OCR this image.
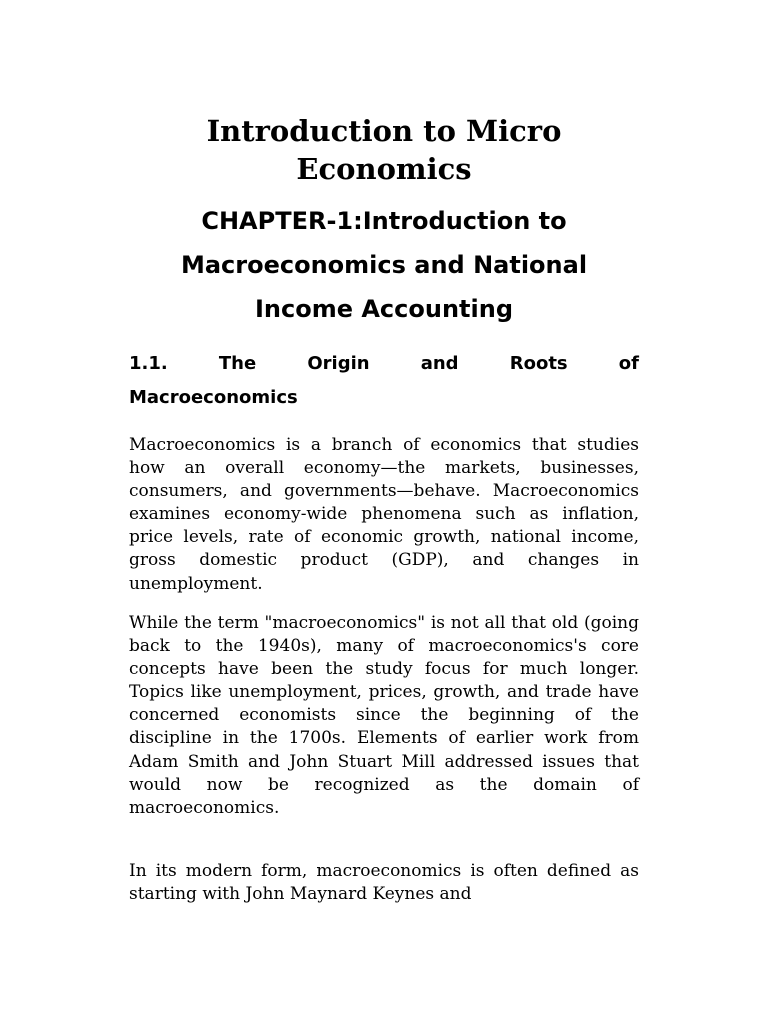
Introduction to Micro Economics
CHAPTER-1:Introduction to Macroeconomics and National Income Accounting
1.1. The Origin and Roots of
Macroeconomics

Macroeconomics is a branch of economics that studies how an overall economy—the markets, businesses, consumers, and governments—behave. Macroeconomics examines economy-wide phenomena such as inflation, price levels, rate of economic growth, national income, gross domestic product (GDP), and changes in unemployment.

While the term "macroeconomics" is not all that old (going back to the 1940s), many of macroeconomics's core concepts have been the study focus for much longer. Topics like unemployment, prices, growth, and trade have concerned economists since the beginning of the discipline in the 1700s. Elements of earlier work from Adam Smith and John Stuart Mill addressed issues that would now be recognized as the domain of macroeconomics.

In its modern form, macroeconomics is often defined as starting with John Maynard Keynes and
